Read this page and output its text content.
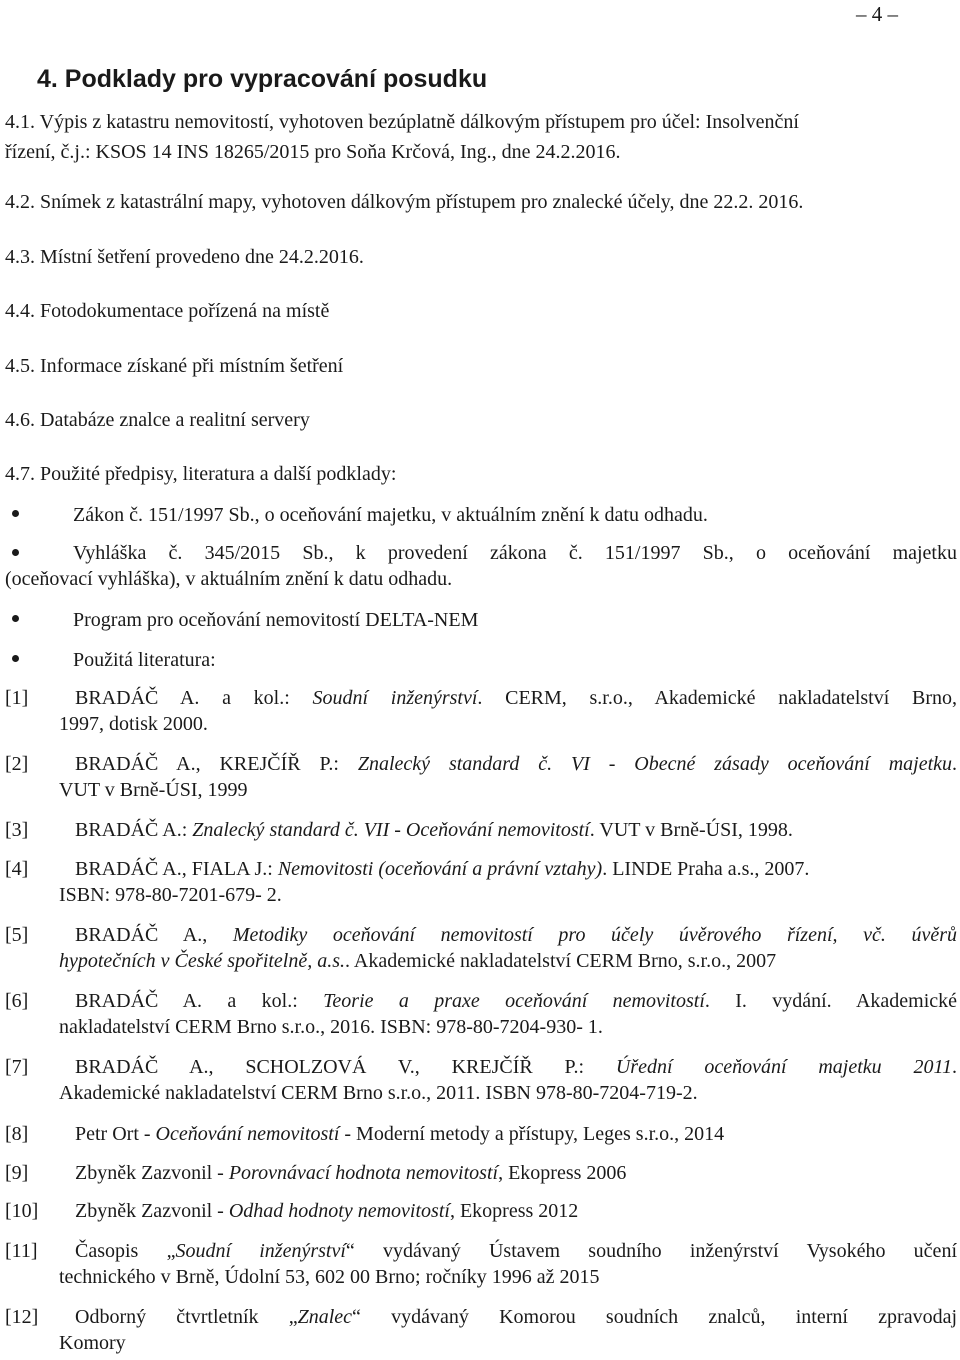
– 4 –
4. Podklady pro vypracování posudku
4.1. Výpis z katastru nemovitostí, vyhotoven bezúplatně dálkovým přístupem pro účel: Insolvenční
řízení, č.j.: KSOS 14 INS 18265/2015 pro Soňa Krčová, Ing., dne 24.2.2016.
4.2. Snímek z katastrální mapy, vyhotoven dálkovým přístupem pro znalecké účely, dne 22.2. 2016.
4.3. Místní šetření provedeno dne 24.2.2016.
4.4. Fotodokumentace pořízená na místě
4.5. Informace získané při místním šetření
4.6. Databáze znalce a realitní servery
4.7. Použité předpisy, literatura a další podklady:
Zákon č. 151/1997 Sb., o oceňování majetku, v aktuálním znění k datu odhadu.
Vyhláška č. 345/2015 Sb., k provedení zákona č. 151/1997 Sb., o oceňování majetku
(oceňovací vyhláška), v aktuálním znění k datu odhadu.
Program pro oceňování nemovitostí DELTA-NEM
Použitá literatura:
[1]	BRADÁČ A. a kol.: Soudní inženýrství. CERM, s.r.o., Akademické nakladatelství Brno,
1997, dotisk 2000.
[2]	BRADÁČ A., KREJČÍŘ P.: Znalecký standard č. VI - Obecné zásady oceňování majetku.
VUT v Brně-ÚSI, 1999
[3]	BRADÁČ A.: Znalecký standard č. VII - Oceňování nemovitostí. VUT v Brně-ÚSI, 1998.
[4]	BRADÁČ A., FIALA J.: Nemovitosti (oceňování a právní vztahy). LINDE Praha a.s., 2007.
ISBN: 978-80-7201-679- 2.
[5]	BRADÁČ A., Metodiky oceňování nemovitostí pro účely úvěrového řízení, vč. úvěrů
hypotečních v České spořitelně, a.s.. Akademické nakladatelství CERM Brno, s.r.o., 2007
[6]	BRADÁČ A. a kol.: Teorie a praxe oceňování nemovitostí. I. vydání. Akademické
nakladatelství CERM Brno s.r.o., 2016. ISBN: 978-80-7204-930- 1.
[7]	BRADÁČ A., SCHOLZOVÁ V., KREJČÍŘ P.: Úřední oceňování majetku 2011.
Akademické nakladatelství CERM Brno s.r.o., 2011. ISBN 978-80-7204-719-2.
[8]	Petr Ort - Oceňování nemovitostí - Moderní metody a přístupy, Leges s.r.o., 2014
[9]	Zbyněk Zazvonil - Porovnávací hodnota nemovitostí, Ekopress 2006
[10]	Zbyněk Zazvonil - Odhad hodnoty nemovitostí, Ekopress 2012
[11]	Časopis „Soudní inženýrství“ vydávaný Ústavem soudního inženýrství Vysokého učení
technického v Brně, Údolní 53, 602 00 Brno; ročníky 1996 až 2015
[12]	Odborný čtvrtletník „Znalec“ vydávaný Komorou soudních znalců, interní zpravodaj
Komory
